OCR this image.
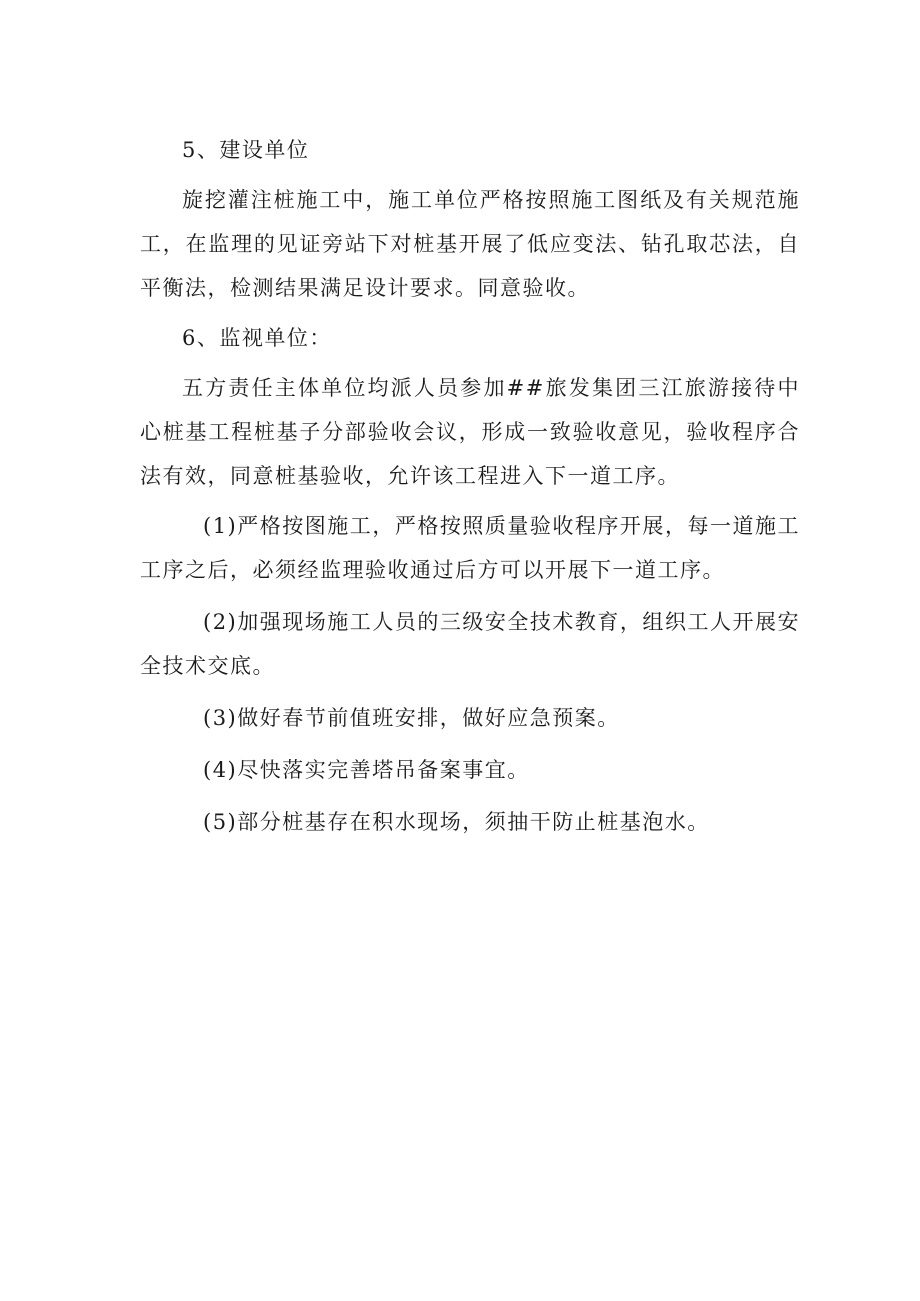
5、建设单位

旋挖灌注桩施工中，施工单位严格按照施工图纸及有关规范施工，在监理的见证旁站下对桩基开展了低应变法、钻孔取芯法，自平衡法，检测结果满足设计要求。同意验收。

6、监视单位：

五方责任主体单位均派人员参加##旅发集团三江旅游接待中心桩基工程桩基子分部验收会议，形成一致验收意见，验收程序合法有效，同意桩基验收，允许该工程进入下一道工序。

(1)严格按图施工，严格按照质量验收程序开展，每一道施工工序之后，必须经监理验收通过后方可以开展下一道工序。

(2)加强现场施工人员的三级安全技术教育，组织工人开展安全技术交底。

(3)做好春节前值班安排，做好应急预案。

(4)尽快落实完善塔吊备案事宜。

(5)部分桩基存在积水现场，须抽干防止桩基泡水。
